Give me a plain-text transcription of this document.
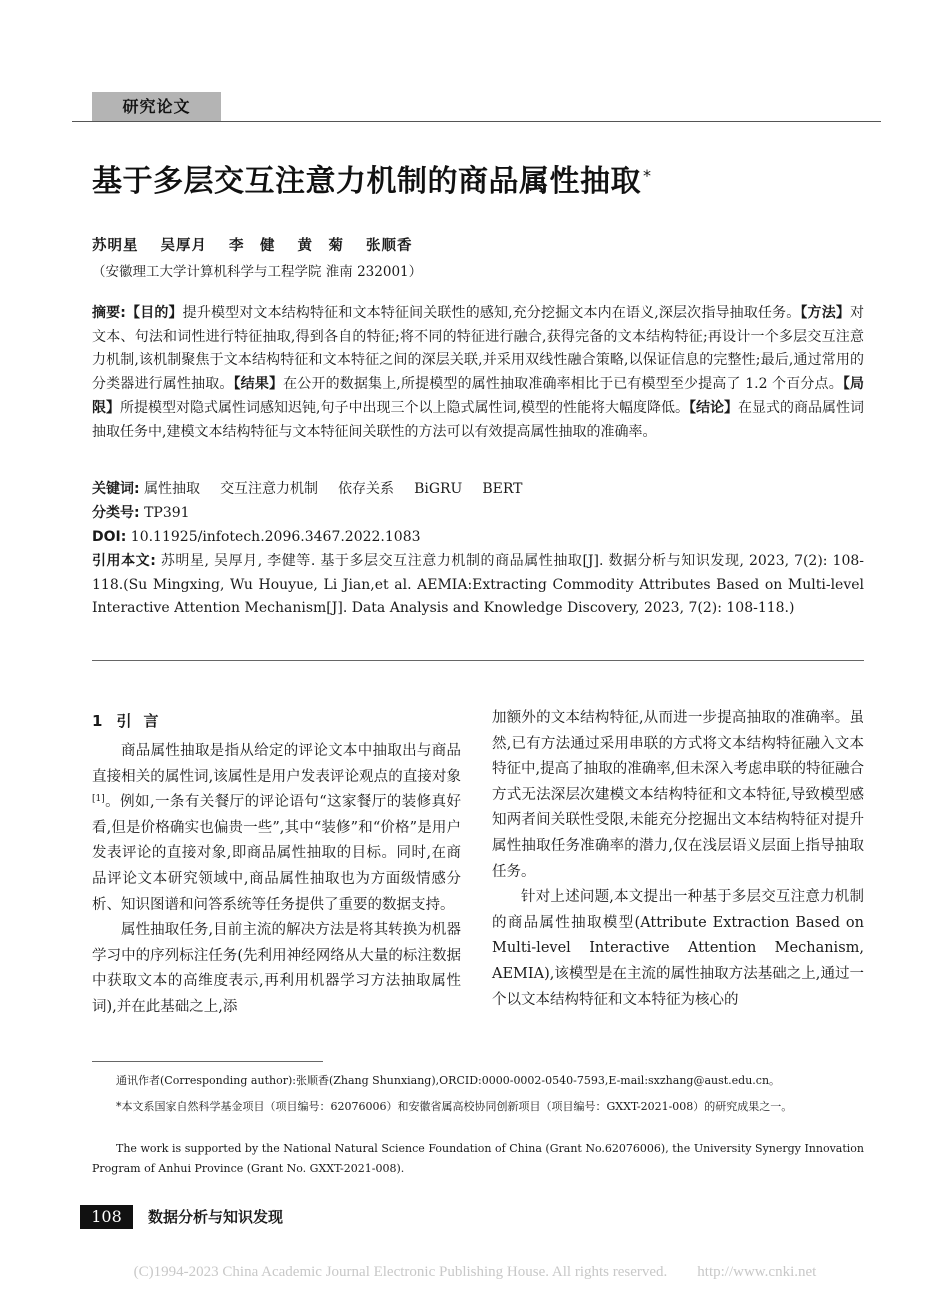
研究论文
基于多层交互注意力机制的商品属性抽取 *
苏明星 吴厚月 李　健 黄　菊 张顺香
（安徽理工大学计算机科学与工程学院 淮南 232001）
摘要:【目的】提升模型对文本结构特征和文本特征间关联性的感知,充分挖掘文本内在语义,深层次指导抽取任务。【方法】对文本、句法和词性进行特征抽取,得到各自的特征;将不同的特征进行融合,获得完备的文本结构特征;再设计一个多层交互注意力机制,该机制聚焦于文本结构特征和文本特征之间的深层关联,并采用双线性融合策略,以保证信息的完整性;最后,通过常用的分类器进行属性抽取。【结果】在公开的数据集上,所提模型的属性抽取准确率相比于已有模型至少提高了 1.2 个百分点。【局限】所提模型对隐式属性词感知迟钝,句子中出现三个以上隐式属性词,模型的性能将大幅度降低。【结论】在显式的商品属性词抽取任务中,建模文本结构特征与文本特征间关联性的方法可以有效提高属性抽取的准确率。
关键词: 属性抽取 交互注意力机制 依存关系 BiGRU BERT
分类号: TP391
DOI: 10.11925/infotech.2096.3467.2022.1083
引用本文: 苏明星, 吴厚月, 李健等. 基于多层交互注意力机制的商品属性抽取[J]. 数据分析与知识发现, 2023, 7(2): 108-118.(Su Mingxing, Wu Houyue, Li Jian,et al. AEMIA:Extracting Commodity Attributes Based on Multi-level Interactive Attention Mechanism[J]. Data Analysis and Knowledge Discovery, 2023, 7(2): 108-118.)

1 引言

商品属性抽取是指从给定的评论文本中抽取出与商品直接相关的属性词,该属性是用户发表评论观点的直接对象[1]。例如,一条有关餐厅的评论语句“这家餐厅的装修真好看,但是价格确实也偏贵一些”,其中“装修”和“价格”是用户发表评论的直接对象,即商品属性抽取的目标。同时,在商品评论文本研究领域中,商品属性抽取也为方面级情感分析、知识图谱和问答系统等任务提供了重要的数据支持。

属性抽取任务,目前主流的解决方法是将其转换为机器学习中的序列标注任务(先利用神经网络从大量的标注数据中获取文本的高维度表示,再利用机器学习方法抽取属性词),并在此基础之上,添

加额外的文本结构特征,从而进一步提高抽取的准确率。虽然,已有方法通过采用串联的方式将文本结构特征融入文本特征中,提高了抽取的准确率,但未深入考虑串联的特征融合方式无法深层次建模文本结构特征和文本特征,导致模型感知两者间关联性受限,未能充分挖掘出文本结构特征对提升属性抽取任务准确率的潜力,仅在浅层语义层面上指导抽取任务。

针对上述问题,本文提出一种基于多层交互注意力机制的商品属性抽取模型(Attribute Extraction Based on Multi-level Interactive Attention Mechanism, AEMIA),该模型是在主流的属性抽取方法基础之上,通过一个以文本结构特征和文本特征为核心的

通讯作者(Corresponding author):张顺香(Zhang Shunxiang),ORCID:0000-0002-0540-7593,E-mail:sxzhang@aust.edu.cn。
*本文系国家自然科学基金项目（项目编号：62076006）和安徽省属高校协同创新项目（项目编号：GXXT-2021-008）的研究成果之一。
The work is supported by the National Natural Science Foundation of China (Grant No.62076006), the University Synergy Innovation Program of Anhui Province (Grant No. GXXT-2021-008).
108	数据分析与知识发现
(C)1994-2023 China Academic Journal Electronic Publishing House. All rights reserved.　　http://www.cnki.net
